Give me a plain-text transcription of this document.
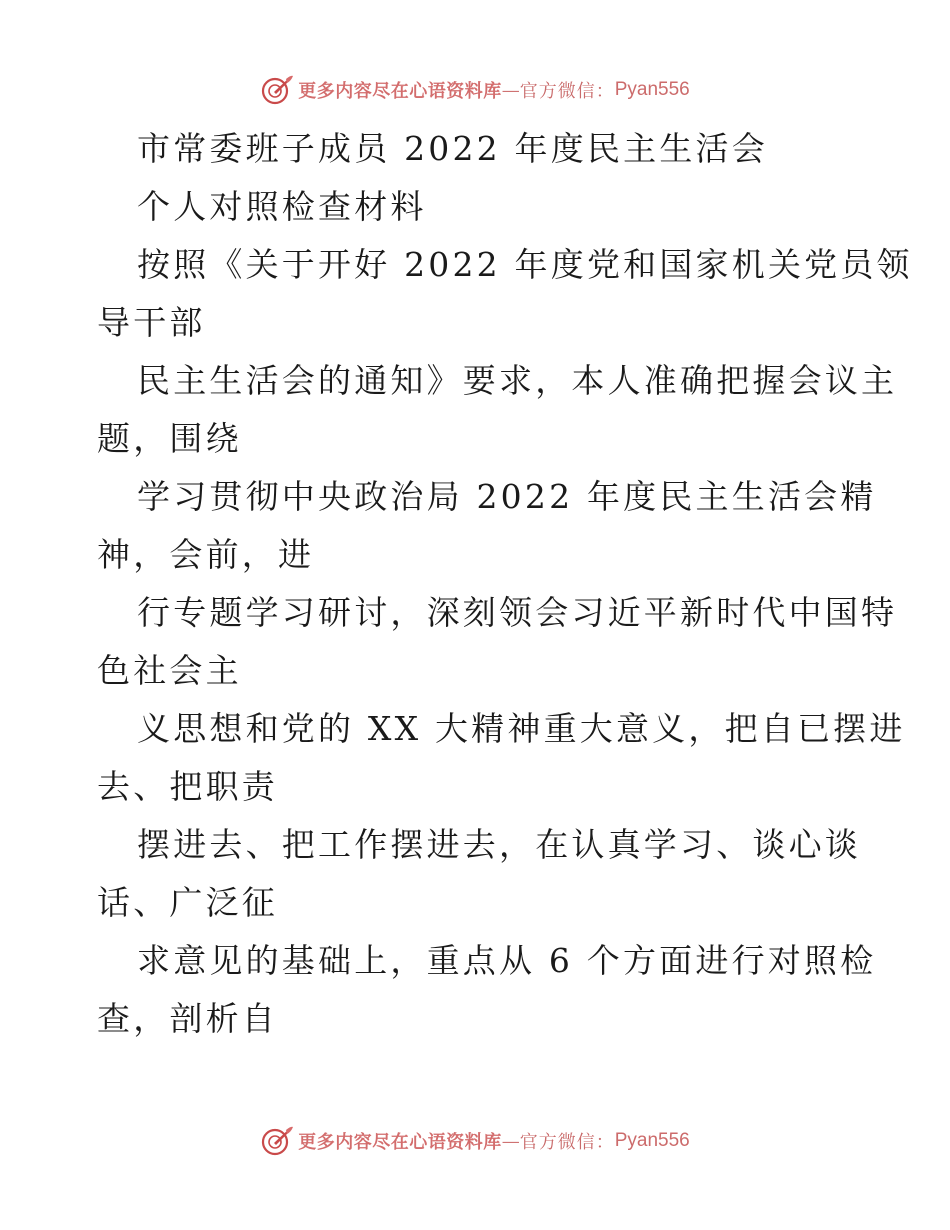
更多内容尽在心语资料库 — 官方微信： Pyan556
市常委班子成员 2022 年度民主生活会
个人对照检查材料
按照《关于开好 2022 年度党和国家机关党员领
导干部
民主生活会的通知》要求，本人准确把握会议主
题，围绕
学习贯彻中央政治局 2022 年度民主生活会精
神，会前，进
行专题学习研讨，深刻领会习近平新时代中国特
色社会主
义思想和党的 XX 大精神重大意义，把自已摆进
去、把职责
摆进去、把工作摆进去，在认真学习、谈心谈
话、广泛征
求意见的基础上，重点从 6 个方面进行对照检
查，剖析自
更多内容尽在心语资料库 — 官方微信： Pyan556
